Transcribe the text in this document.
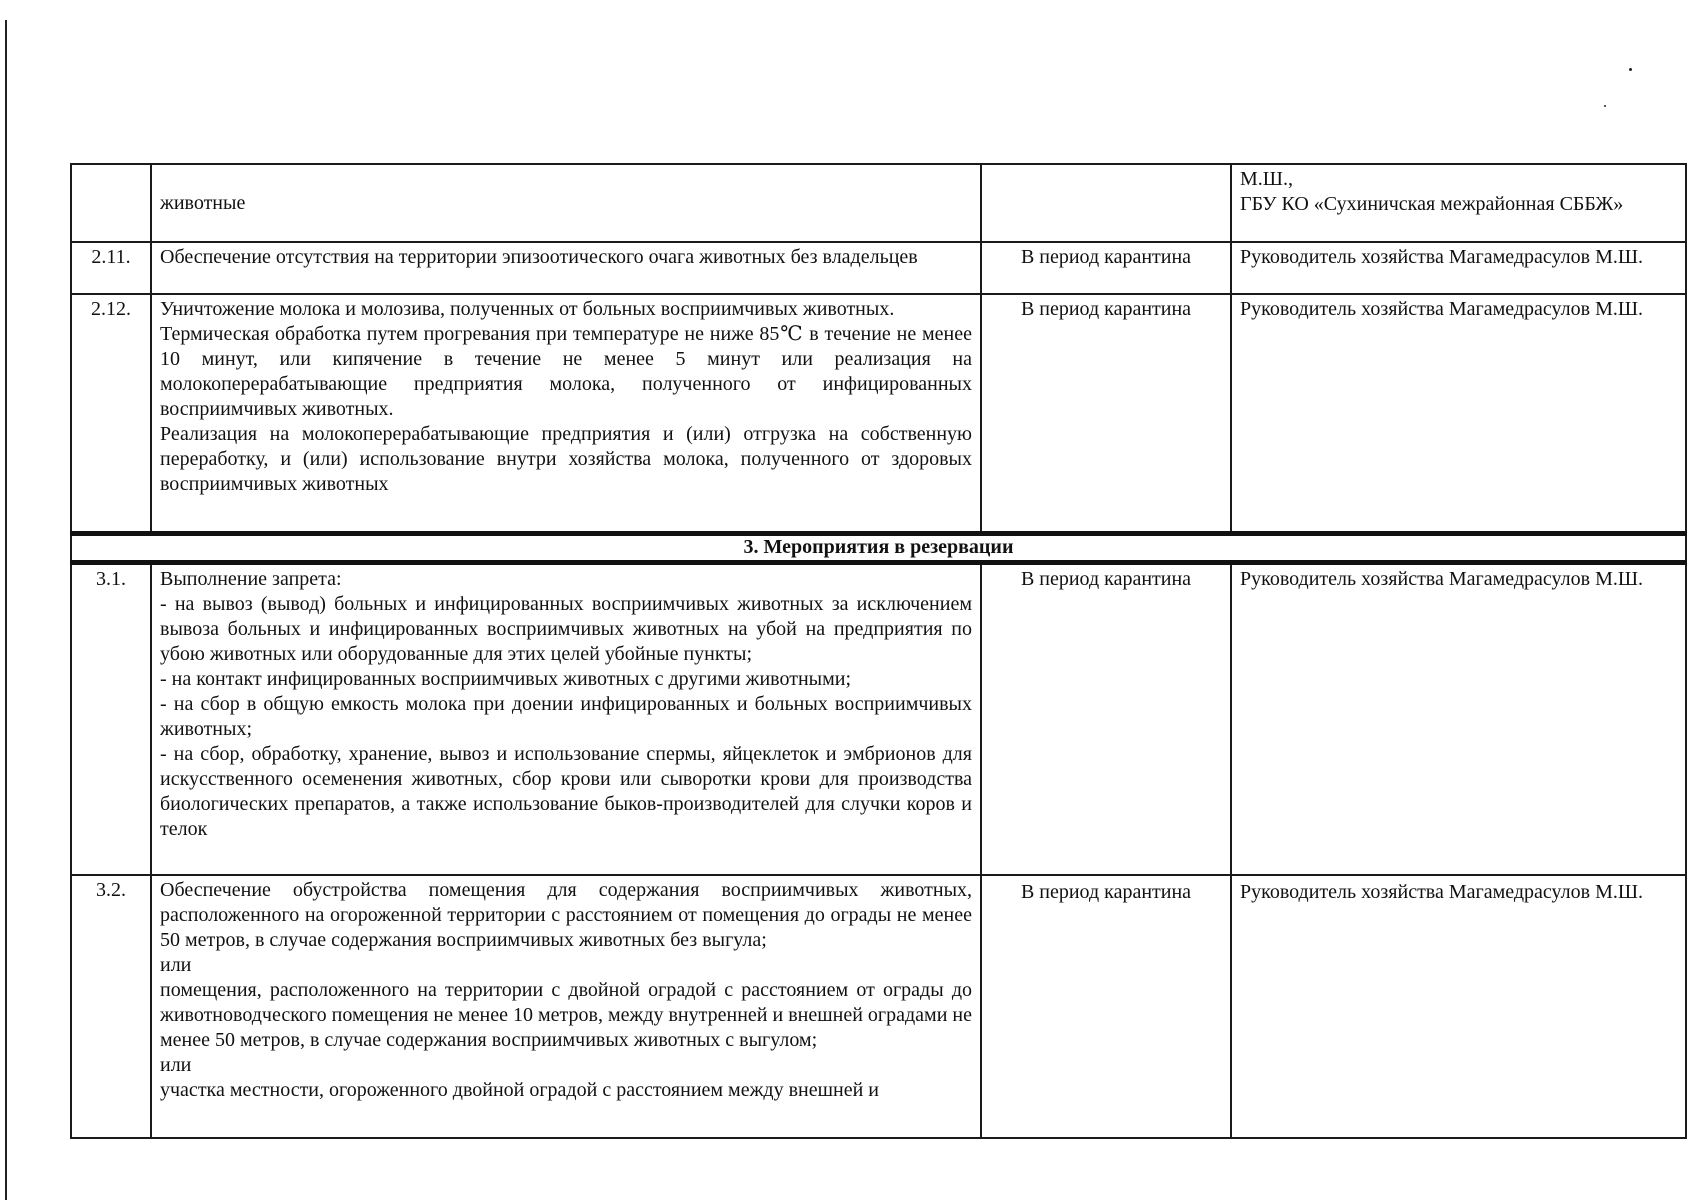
	животные		М.Ш.,
ГБУ КО «Сухиничская межрайонная СББЖ»

2.11.	Обеспечение отсутствия на территории эпизоотического очага животных без владельцев	В период карантина	Руководитель хозяйства Магамедрасулов М.Ш.

2.12.	Уничтожение молока и молозива, полученных от больных восприимчивых животных.

Термическая обработка путем прогревания при температуре не ниже 85℃ в течение не менее 10 минут, или кипячение в течение не менее 5 минут или реализация на молокоперерабатывающие предприятия молока, полученного от инфицированных восприимчивых животных.

Реализация на молокоперерабатывающие предприятия и (или) отгрузка на собственную переработку, и (или) использование внутри хозяйства молока, полученного от здоровых восприимчивых животных	В период карантина	Руководитель хозяйства Магамедрасулов М.Ш.

3. Мероприятия в резервации			
3.1.	Выполнение запрета:

- на вывоз (вывод) больных и инфицированных восприимчивых животных за исключением вывоза больных и инфицированных восприимчивых животных на убой на предприятия по убою животных или оборудованные для этих целей убойные пункты;

- на контакт инфицированных восприимчивых животных с другими животными;

- на сбор в общую емкость молока при доении инфицированных и больных восприимчивых животных;

- на сбор, обработку, хранение, вывоз и использование спермы, яйцеклеток и эмбрионов для искусственного осеменения животных, сбор крови или сыворотки крови для производства биологических препаратов, а также использование быков-производителей для случки коров и телок	В период карантина	Руководитель хозяйства Магамедрасулов М.Ш.

3.2.	Обеспечение обустройства помещения для содержания восприимчивых животных, расположенного на огороженной территории с расстоянием от помещения до ограды не менее 50 метров, в случае содержания восприимчивых животных без выгула;

или

помещения, расположенного на территории с двойной оградой с расстоянием от ограды до животноводческого помещения не менее 10 метров, между внутренней и внешней оградами не менее 50 метров, в случае содержания восприимчивых животных с выгулом;

или

участка местности, огороженного двойной оградой с расстоянием между внешней и	В период карантина	Руководитель хозяйства Магамедрасулов М.Ш.
